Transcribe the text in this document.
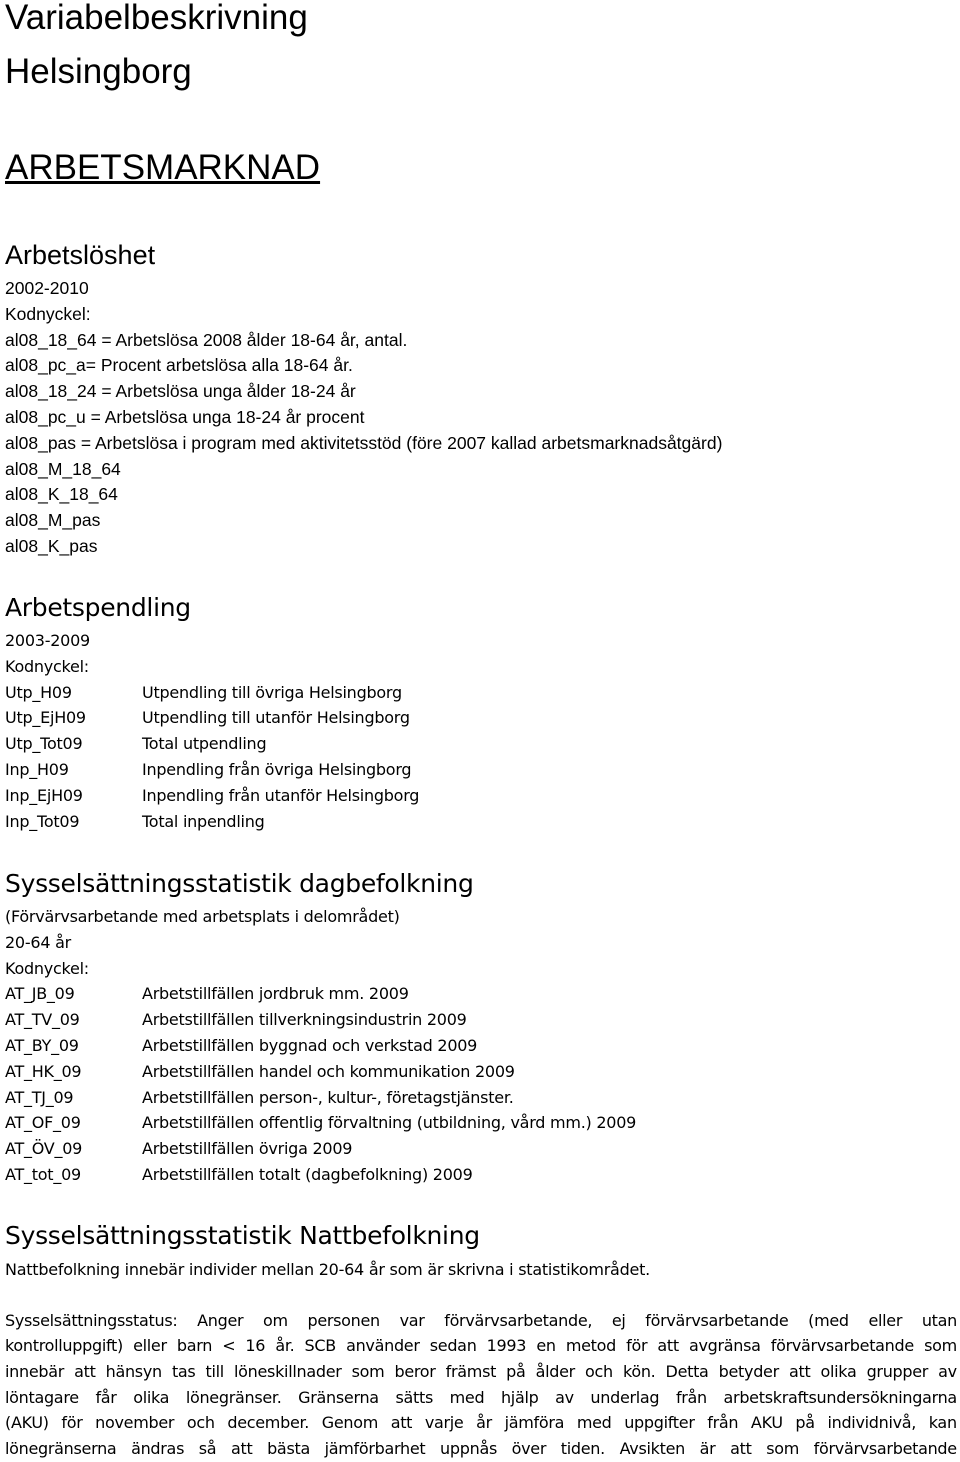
Variabelbeskrivning
Helsingborg
ARBETSMARKNAD
Arbetslöshet
2002-2010
Kodnyckel:
al08_18_64 = Arbetslösa 2008 ålder 18-64 år, antal.
al08_pc_a= Procent arbetslösa alla 18-64 år.
al08_18_24 = Arbetslösa unga ålder 18-24 år
al08_pc_u = Arbetslösa unga 18-24 år procent
al08_pas = Arbetslösa i program med aktivitetsstöd (före 2007 kallad arbetsmarknadsåtgärd)
al08_M_18_64
al08_K_18_64
al08_M_pas
al08_K_pas
Arbetspendling
2003-2009
Kodnyckel:
Utp_H09	Utpendling till övriga Helsingborg
Utp_EjH09	Utpendling till utanför Helsingborg
Utp_Tot09	Total utpendling
Inp_H09	Inpendling från övriga Helsingborg
Inp_EjH09	Inpendling från utanför Helsingborg
Inp_Tot09	Total inpendling
Sysselsättningsstatistik dagbefolkning
(Förvärvsarbetande med arbetsplats i delområdet)
20-64 år
Kodnyckel:
AT_JB_09	Arbetstillfällen jordbruk mm. 2009
AT_TV_09	Arbetstillfällen tillverkningsindustrin 2009
AT_BY_09	Arbetstillfällen byggnad och verkstad 2009
AT_HK_09	Arbetstillfällen handel och kommunikation 2009
AT_TJ_09	Arbetstillfällen person-, kultur-, företagstjänster.
AT_OF_09	Arbetstillfällen offentlig förvaltning (utbildning, vård mm.) 2009
AT_ÖV_09	Arbetstillfällen övriga 2009
AT_tot_09	Arbetstillfällen totalt (dagbefolkning) 2009
Sysselsättningsstatistik Nattbefolkning
Nattbefolkning innebär individer mellan 20-64 år som är skrivna i statistikområdet.
Sysselsättningsstatus: Anger om personen var förvärvsarbetande, ej förvärvsarbetande (med eller utan
kontrolluppgift) eller barn < 16 år. SCB använder sedan 1993 en metod för att avgränsa förvärvsarbetande som
innebär att hänsyn tas till löneskillnader som beror främst på ålder och kön. Detta betyder att olika grupper av
löntagare får olika lönegränser. Gränserna sätts med hjälp av underlag från arbetskraftsundersökningarna
(AKU) för november och december. Genom att varje år jämföra med uppgifter från AKU på individnivå, kan
lönegränserna ändras så att bästa jämförbarhet uppnås över tiden. Avsikten är att som förvärvsarbetande
